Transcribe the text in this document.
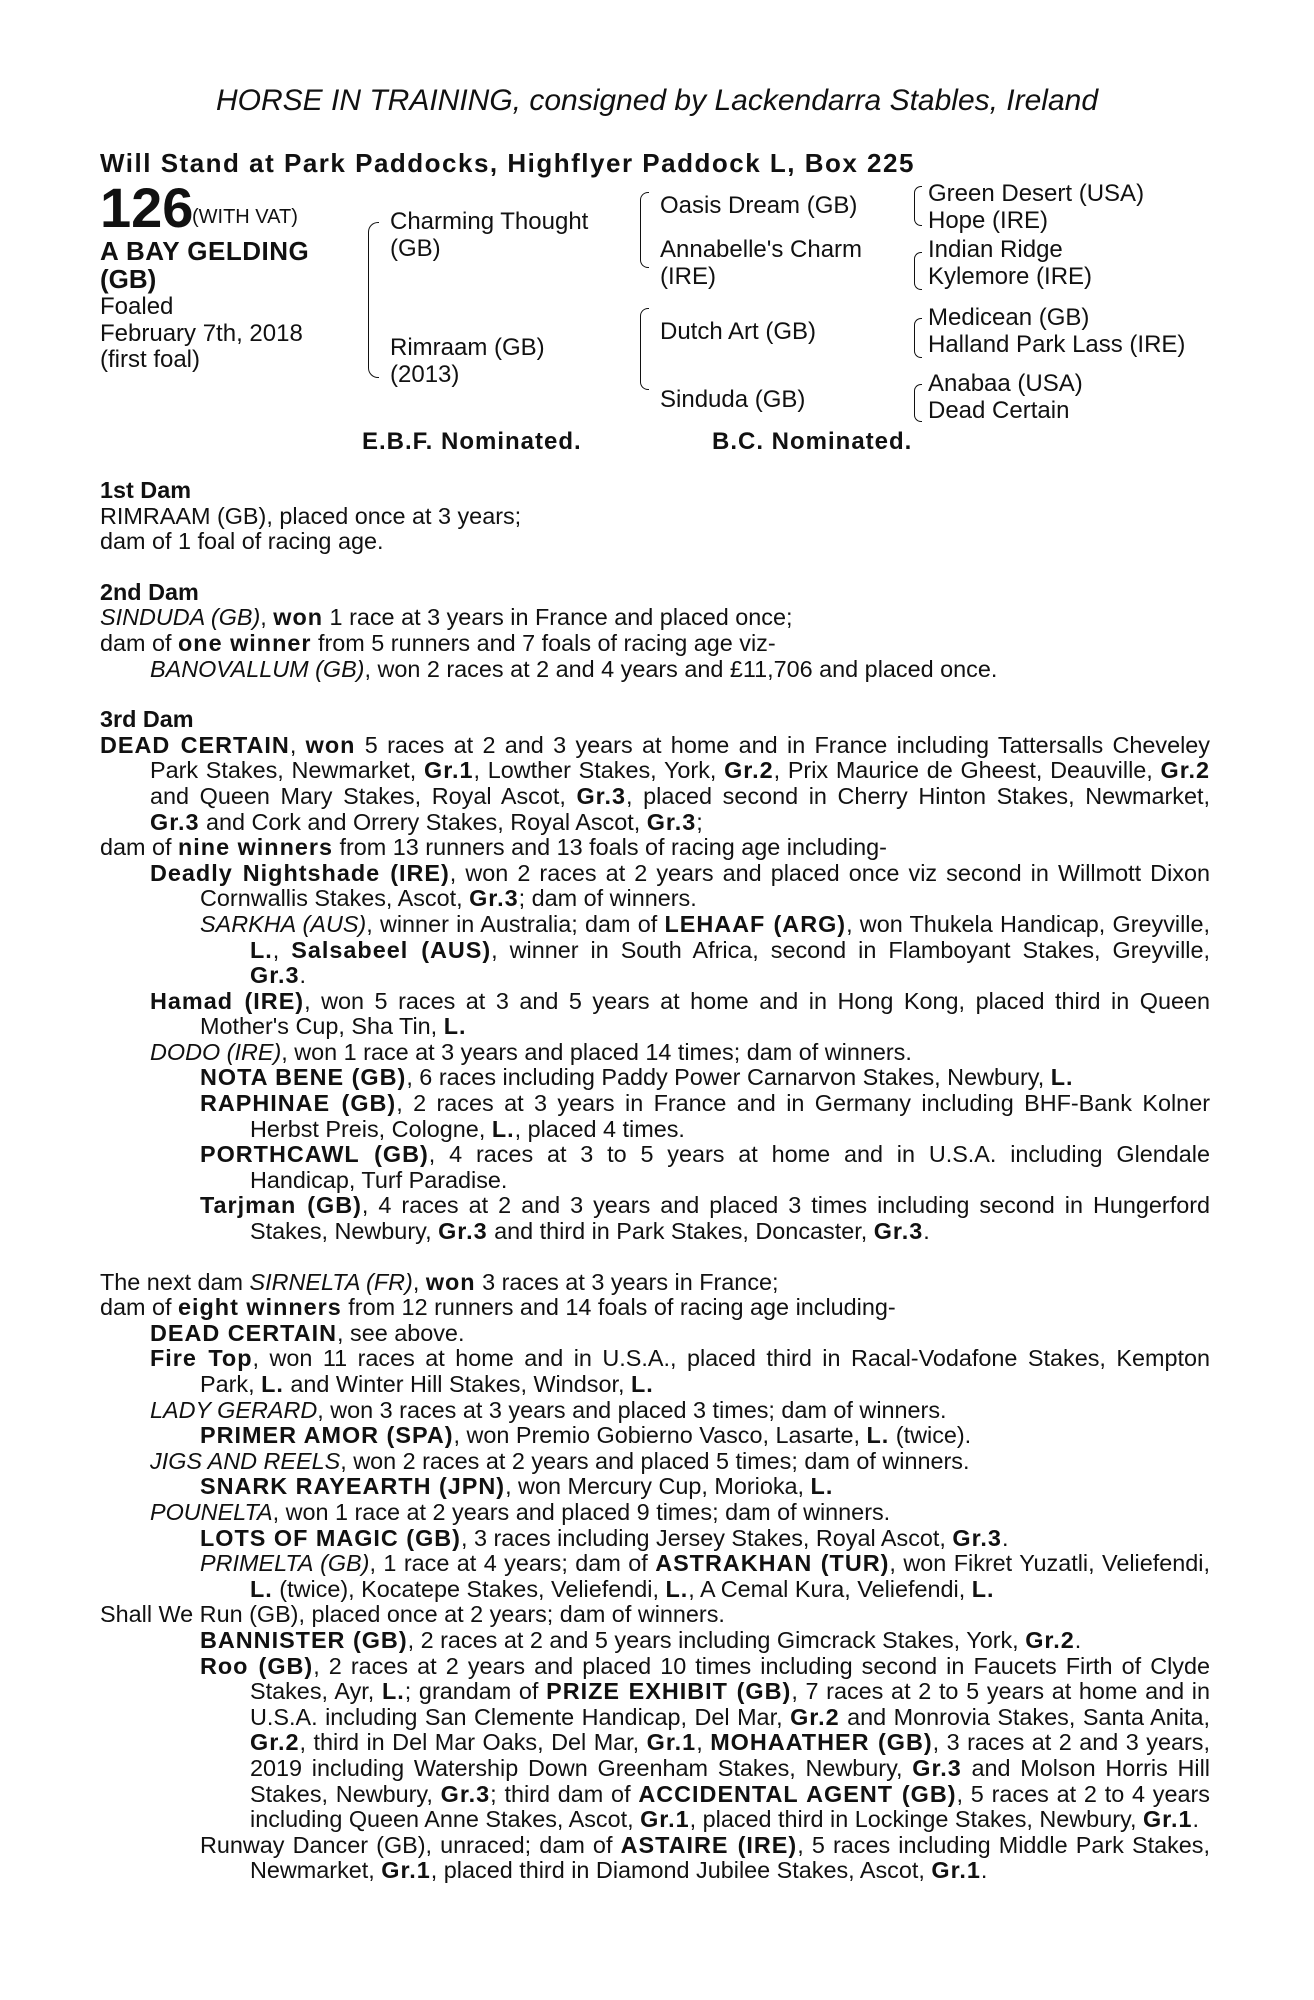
HORSE IN TRAINING, consigned by Lackendarra Stables, Ireland
Will Stand at Park Paddocks, Highflyer Paddock L, Box 225
126
(WITH VAT)
A BAY GELDING
(GB)
Foaled
February 7th, 2018
(first foal)
Charming Thought
(GB)
Rimraam (GB)
(2013)
Oasis Dream (GB)
Annabelle's Charm
(IRE)
Dutch Art (GB)
Sinduda (GB)
Green Desert (USA)
Hope (IRE)
Indian Ridge
Kylemore (IRE)
Medicean (GB)
Halland Park Lass (IRE)
Anabaa (USA)
Dead Certain
E.B.F. Nominated.	B.C. Nominated.

1st Dam

RIMRAAM (GB), placed once at 3 years;

dam of 1 foal of racing age.

2nd Dam

SINDUDA (GB), won 1 race at 3 years in France and placed once;

dam of one winner from 5 runners and 7 foals of racing age viz-

BANOVALLUM (GB), won 2 races at 2 and 4 years and £11,706 and placed once.

3rd Dam

DEAD CERTAIN, won 5 races at 2 and 3 years at home and in France including Tattersalls Cheveley Park Stakes, Newmarket, Gr.1, Lowther Stakes, York, Gr.2, Prix Maurice de Gheest, Deauville, Gr.2 and Queen Mary Stakes, Royal Ascot, Gr.3, placed second in Cherry Hinton Stakes, Newmarket, Gr.3 and Cork and Orrery Stakes, Royal Ascot, Gr.3;

dam of nine winners from 13 runners and 13 foals of racing age including-

Deadly Nightshade (IRE), won 2 races at 2 years and placed once viz second in Willmott Dixon Cornwallis Stakes, Ascot, Gr.3; dam of winners.

SARKHA (AUS), winner in Australia; dam of LEHAAF (ARG), won Thukela Handicap, Greyville, L., Salsabeel (AUS), winner in South Africa, second in Flamboyant Stakes, Greyville, Gr.3.

Hamad (IRE), won 5 races at 3 and 5 years at home and in Hong Kong, placed third in Queen Mother's Cup, Sha Tin, L.

DODO (IRE), won 1 race at 3 years and placed 14 times; dam of winners.

NOTA BENE (GB), 6 races including Paddy Power Carnarvon Stakes, Newbury, L.

RAPHINAE (GB), 2 races at 3 years in France and in Germany including BHF-Bank Kolner Herbst Preis, Cologne, L., placed 4 times.

PORTHCAWL (GB), 4 races at 3 to 5 years at home and in U.S.A. including Glendale Handicap, Turf Paradise.

Tarjman (GB), 4 races at 2 and 3 years and placed 3 times including second in Hungerford Stakes, Newbury, Gr.3 and third in Park Stakes, Doncaster, Gr.3.

The next dam SIRNELTA (FR), won 3 races at 3 years in France;

dam of eight winners from 12 runners and 14 foals of racing age including-

DEAD CERTAIN, see above.

Fire Top, won 11 races at home and in U.S.A., placed third in Racal-Vodafone Stakes, Kempton Park, L. and Winter Hill Stakes, Windsor, L.

LADY GERARD, won 3 races at 3 years and placed 3 times; dam of winners.

PRIMER AMOR (SPA), won Premio Gobierno Vasco, Lasarte, L. (twice).

JIGS AND REELS, won 2 races at 2 years and placed 5 times; dam of winners.

SNARK RAYEARTH (JPN), won Mercury Cup, Morioka, L.

POUNELTA, won 1 race at 2 years and placed 9 times; dam of winners.

LOTS OF MAGIC (GB), 3 races including Jersey Stakes, Royal Ascot, Gr.3.

PRIMELTA (GB), 1 race at 4 years; dam of ASTRAKHAN (TUR), won Fikret Yuzatli, Veliefendi, L. (twice), Kocatepe Stakes, Veliefendi, L., A Cemal Kura, Veliefendi, L.

Shall We Run (GB), placed once at 2 years; dam of winners.

BANNISTER (GB), 2 races at 2 and 5 years including Gimcrack Stakes, York, Gr.2.

Roo (GB), 2 races at 2 years and placed 10 times including second in Faucets Firth of Clyde Stakes, Ayr, L.; grandam of PRIZE EXHIBIT (GB), 7 races at 2 to 5 years at home and in U.S.A. including San Clemente Handicap, Del Mar, Gr.2 and Monrovia Stakes, Santa Anita, Gr.2, third in Del Mar Oaks, Del Mar, Gr.1, MOHAATHER (GB), 3 races at 2 and 3 years, 2019 including Watership Down Greenham Stakes, Newbury, Gr.3 and Molson Horris Hill Stakes, Newbury, Gr.3; third dam of ACCIDENTAL AGENT (GB), 5 races at 2 to 4 years including Queen Anne Stakes, Ascot, Gr.1, placed third in Lockinge Stakes, Newbury, Gr.1.

Runway Dancer (GB), unraced; dam of ASTAIRE (IRE), 5 races including Middle Park Stakes, Newmarket, Gr.1, placed third in Diamond Jubilee Stakes, Ascot, Gr.1.
